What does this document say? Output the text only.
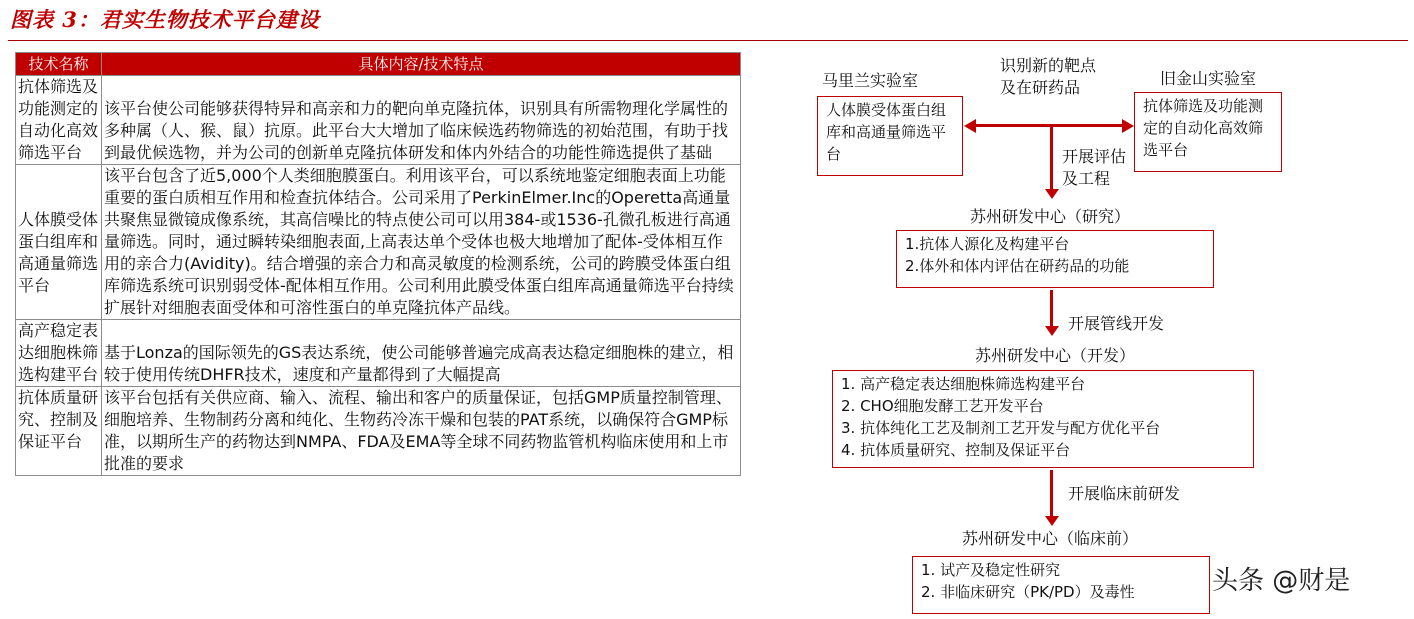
图表 3：君实生物技术平台建设
技术名称	具体内容/技术特点
抗体筛选及功能测定的自动化高效筛选平台	该平台使公司能够获得特异和高亲和力的靶向单克隆抗体，识别具有所需物理化学属性的多种属（人、猴、鼠）抗原。此平台大大增加了临床候选药物筛选的初始范围，有助于找到最优候选物，并为公司的创新单克隆抗体研发和体内外结合的功能性筛选提供了基础
人体膜受体蛋白组库和高通量筛选平台	该平台包含了近5,000个人类细胞膜蛋白。利用该平台，可以系统地鉴定细胞表面上功能重要的蛋白质相互作用和检查抗体结合。公司采用了PerkinElmer.Inc的Operetta高通量共聚焦显微镜成像系统，其高信噪比的特点使公司可以用384-或1536-孔微孔板进行高通量筛选。同时，通过瞬转染细胞表面,上高表达单个受体也极大地增加了配体-受体相互作用的亲合力(Avidity)。结合增强的亲合力和高灵敏度的检测系统，公司的跨膜受体蛋白组库筛选系统可识别弱受体-配体相互作用。公司利用此膜受体蛋白组库高通量筛选平台持续扩展针对细胞表面受体和可溶性蛋白的单克隆抗体产品线。
高产稳定表达细胞株筛选构建平台	基于Lonza的国际领先的GS表达系统，使公司能够普遍完成高表达稳定细胞株的建立，相较于使用传统DHFR技术，速度和产量都得到了大幅提高
抗体质量研究、控制及保证平台	该平台包括有关供应商、输入、流程、输出和客户的质量保证，包括GMP质量控制管理、细胞培养、生物制药分离和纯化、生物药冷冻干燥和包装的PAT系统，以确保符合GMP标准，以期所生产的药物达到NMPA、FDA及EMA等全球不同药物监管机构临床使用和上市批准的要求
马里兰实验室
识别新的靶点及在研药品	旧金山实验室
人体膜受体蛋白组库和高通量筛选平台
抗体筛选及功能测定的自动化高效筛选平台
开展评估及工程
苏州研发中心（研究）
1.抗体人源化及构建平台
2.体外和体内评估在研药品的功能
开展管线开发
苏州研发中心（开发）
1. 高产稳定表达细胞株筛选构建平台
2. CHO细胞发酵工艺开发平台
3. 抗体纯化工艺及制剂工艺开发与配方优化平台
4. 抗体质量研究、控制及保证平台
开展临床前研发
苏州研发中心（临床前）
1. 试产及稳定性研究
2. 非临床研究（PK/PD）及毒性	头条 @财是
